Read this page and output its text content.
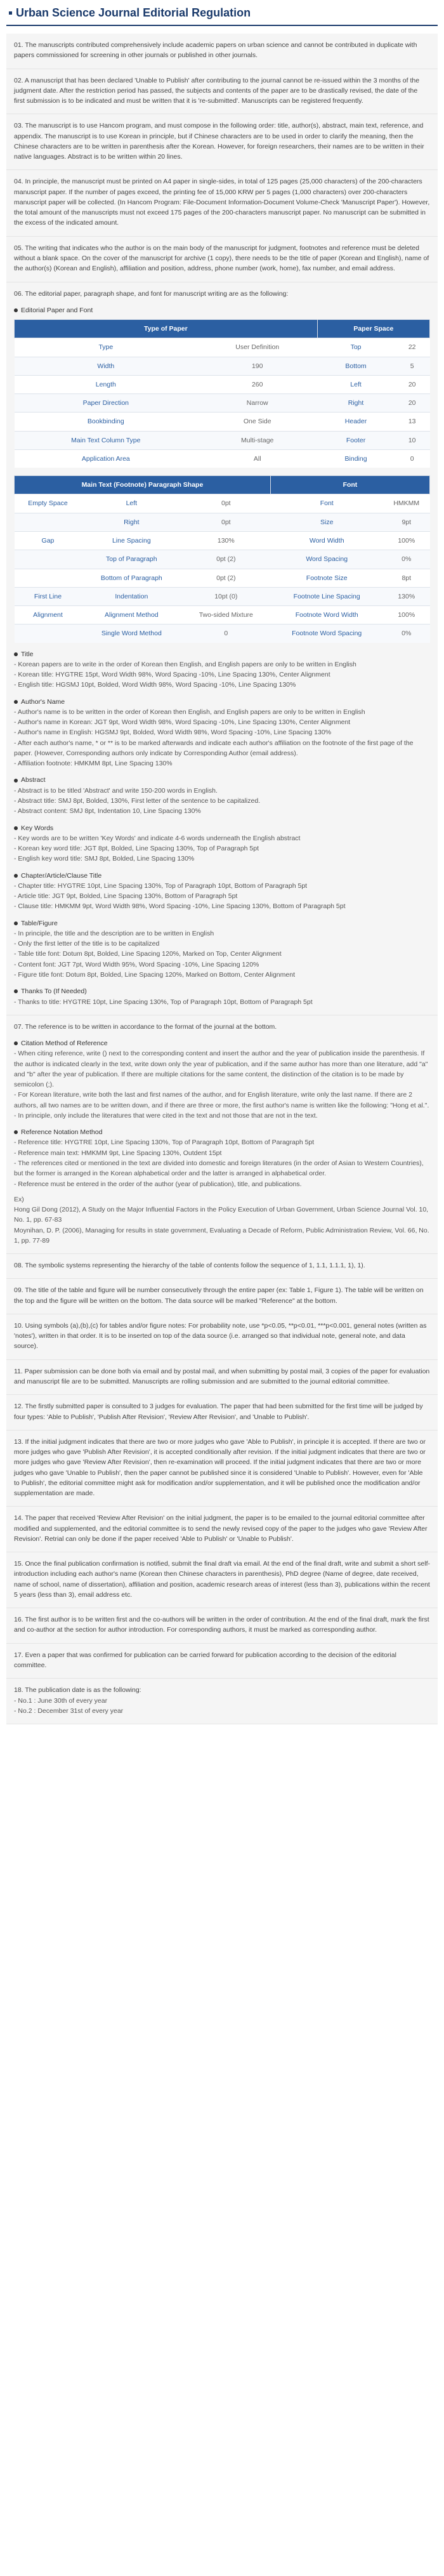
Urban Science Journal Editorial Regulation

01. The manuscripts contributed comprehensively include academic papers on urban science and cannot be contributed in duplicate with papers commissioned for screening in other journals or published in other journals.

02. A manuscript that has been declared 'Unable to Publish' after contributing to the journal cannot be re-issued within the 3 months of the judgment date. After the restriction period has passed, the subjects and contents of the paper are to be drastically revised, the date of the first submission is to be indicated and must be written that it is 're-submitted'. Manuscripts can be registered frequently.

03. The manuscript is to use Hancom program, and must compose in the following order: title, author(s), abstract, main text, reference, and appendix. The manuscript is to use Korean in principle, but if Chinese characters are to be used in order to clarify the meaning, then the Chinese characters are to be written in parenthesis after the Korean. However, for foreign researchers, their names are to be written in their native languages. Abstract is to be written within 20 lines.

04. In principle, the manuscript must be printed on A4 paper in single-sides, in total of 125 pages (25,000 characters) of the 200-characters manuscript paper. If the number of pages exceed, the printing fee of 15,000 KRW per 5 pages (1,000 characters) over 200-characters manuscript paper will be collected. (In Hancom Program: File-Document Information-Document Volume-Check 'Manuscript Paper'). However, the total amount of the manuscripts must not exceed 175 pages of the 200-characters manuscript paper. No manuscript can be submitted in the excess of the indicated amount.

05. The writing that indicates who the author is on the main body of the manuscript for judgment, footnotes and reference must be deleted without a blank space. On the cover of the manuscript for archive (1 copy), there needs to be the title of paper (Korean and English), name of the author(s) (Korean and English), affiliation and position, address, phone number (work, home), fax number, and email address.

06. The editorial paper, paragraph shape, and font for manuscript writing are as the following:

Editorial Paper and Font
Type of Paper		Paper Space	
Type	User Definition	Top	22
Width	190	Bottom	5
Length	260	Left	20
Paper Direction	Narrow	Right	20
Bookbinding	One Side	Header	13
Main Text Column Type	Multi-stage	Footer	10
Application Area	All	Binding	0
Main Text (Footnote) Paragraph Shape			Font	
Empty Space	Left	0pt	Font	HMKMM
	Right	0pt	Size	9pt
Gap	Line Spacing	130%	Word Width	100%
	Top of Paragraph	0pt (2)	Word Spacing	0%
	Bottom of Paragraph	0pt (2)	Footnote Size	8pt
First Line	Indentation	10pt (0)	Footnote Line Spacing	130%
Alignment	Alignment Method	Two-sided Mixture	Footnote Word Width	100%
	Single Word Method	0	Footnote Word Spacing	0%
Title
- Korean papers are to write in the order of Korean then English, and English papers are only to be written in English
- Korean title: HYGTRE 15pt, Word Width 98%, Word Spacing -10%, Line Spacing 130%, Center Alignment
- English title: HGSMJ 10pt, Bolded, Word Width 98%, Word Spacing -10%, Line Spacing 130%
Author's Name
- Author's name is to be written in the order of Korean then English, and English papers are only to be written in English
- Author's name in Korean: JGT 9pt, Word Width 98%, Word Spacing -10%, Line Spacing 130%, Center Alignment
- Author's name in English: HGSMJ 9pt, Bolded, Word Width 98%, Word Spacing -10%, Line Spacing 130%
- After each author's name, * or ** is to be marked afterwards and indicate each author's affiliation on the footnote of the first page of the paper. (However, Corresponding authors only indicate by Corresponding Author (email address).
- Affiliation footnote: HMKMM 8pt, Line Spacing 130%
Abstract
- Abstract is to be titled 'Abstract' and write 150-200 words in English.
- Abstract title: SMJ 8pt, Bolded, 130%, First letter of the sentence to be capitalized.
- Abstract content: SMJ 8pt, Indentation 10, Line Spacing 130%
Key Words
- Key words are to be written 'Key Words' and indicate 4-6 words underneath the English abstract
- Korean key word title: JGT 8pt, Bolded, Line Spacing 130%, Top of Paragraph 5pt
- English key word title: SMJ 8pt, Bolded, Line Spacing 130%
Chapter/Article/Clause Title
- Chapter title: HYGTRE 10pt, Line Spacing 130%, Top of Paragraph 10pt, Bottom of Paragraph 5pt
- Article title: JGT 9pt, Bolded, Line Spacing 130%, Bottom of Paragraph 5pt
- Clause title: HMKMM 9pt, Word Width 98%, Word Spacing -10%, Line Spacing 130%, Bottom of Paragraph 5pt
Table/Figure
- In principle, the title and the description are to be written in English
- Only the first letter of the title is to be capitalized
- Table title font: Dotum 8pt, Bolded, Line Spacing 120%, Marked on Top, Center Alignment
- Content font: JGT 7pt, Word Width 95%, Word Spacing -10%, Line Spacing 120%
- Figure title font: Dotum 8pt, Bolded, Line Spacing 120%, Marked on Bottom, Center Alignment
Thanks To (If Needed)
- Thanks to title: HYGTRE 10pt, Line Spacing 130%, Top of Paragraph 10pt, Bottom of Paragraph 5pt

07. The reference is to be written in accordance to the format of the journal at the bottom.

Citation Method of Reference
- When citing reference, write () next to the corresponding content and insert the author and the year of publication inside the parenthesis. If the author is indicated clearly in the text, write down only the year of publication, and if the same author has more than one literature, add "a" and "b" after the year of publication. If there are multiple citations for the same content, the distinction of the citation is to be made by semicolon (;).
- For Korean literature, write both the last and first names of the author, and for English literature, write only the last name. If there are 2 authors, all two names are to be written down, and if there are three or more, the first author's name is written like the following: "Hong et al.".
- In principle, only include the literatures that were cited in the text and not those that are not in the text.
Reference Notation Method
- Reference title: HYGTRE 10pt, Line Spacing 130%, Top of Paragraph 10pt, Bottom of Paragraph 5pt
- Reference main text: HMKMM 9pt, Line Spacing 130%, Outdent 15pt
- The references cited or mentioned in the text are divided into domestic and foreign literatures (in the order of Asian to Western Countries), but the former is arranged in the Korean alphabetical order and the latter is arranged in alphabetical order.
- Reference must be entered in the order of the author (year of publication), title, and publications.
Ex)
Hong Gil Dong (2012), A Study on the Major Influential Factors in the Policy Execution of Urban Government, Urban Science Journal Vol. 10, No. 1, pp. 67-83
Moynihan, D. P. (2006), Managing for results in state government, Evaluating a Decade of Reform, Public Administration Review, Vol. 66, No. 1, pp. 77-89

08. The symbolic systems representing the hierarchy of the table of contents follow the sequence of 1, 1.1, 1.1.1, 1), 1).

09. The title of the table and figure will be number consecutively through the entire paper (ex: Table 1, Figure 1). The table will be written on the top and the figure will be written on the bottom. The data source will be marked "Reference" at the bottom.

10. Using symbols (a),(b),(c) for tables and/or figure notes: For probability note, use *p<0.05, **p<0.01, ***p<0.001, general notes (written as 'notes'), written in that order. It is to be inserted on top of the data source (i.e. arranged so that individual note, general note, and data source).

11. Paper submission can be done both via email and by postal mail, and when submitting by postal mail, 3 copies of the paper for evaluation and manuscript file are to be submitted. Manuscripts are rolling submission and are submitted to the journal editorial committee.

12. The firstly submitted paper is consulted to 3 judges for evaluation. The paper that had been submitted for the first time will be judged by four types: 'Able to Publish', 'Publish After Revision', 'Review After Revision', and 'Unable to Publish'.

13. If the initial judgment indicates that there are two or more judges who gave 'Able to Publish', in principle it is accepted. If there are two or more judges who gave 'Publish After Revision', it is accepted conditionally after revision. If the initial judgment indicates that there are two or more judges who gave 'Review After Revision', then re-examination will proceed. If the initial judgment indicates that there are two or more judges who gave 'Unable to Publish', then the paper cannot be published since it is considered 'Unable to Publish'. However, even for 'Able to Publish', the editorial committee might ask for modification and/or supplementation, and it will be published once the modification and/or supplementation are made.

14. The paper that received 'Review After Revision' on the initial judgment, the paper is to be emailed to the journal editorial committee after modified and supplemented, and the editorial committee is to send the newly revised copy of the paper to the judges who gave 'Review After Revision'. Retrial can only be done if the paper received 'Able to Publish' or 'Unable to Publish'.

15. Once the final publication confirmation is notified, submit the final draft via email. At the end of the final draft, write and submit a short self-introduction including each author's name (Korean then Chinese characters in parenthesis), PhD degree (Name of degree, date received, name of school, name of dissertation), affiliation and position, academic research areas of interest (less than 3), publications within the recent 5 years (less than 3), email address etc.

16. The first author is to be written first and the co-authors will be written in the order of contribution. At the end of the final draft, mark the first and co-author at the section for author introduction. For corresponding authors, it must be marked as corresponding author.

17. Even a paper that was confirmed for publication can be carried forward for publication according to the decision of the editorial committee.

18. The publication date is as the following:

- No.1 : June 30th of every year
- No.2 : December 31st of every year
